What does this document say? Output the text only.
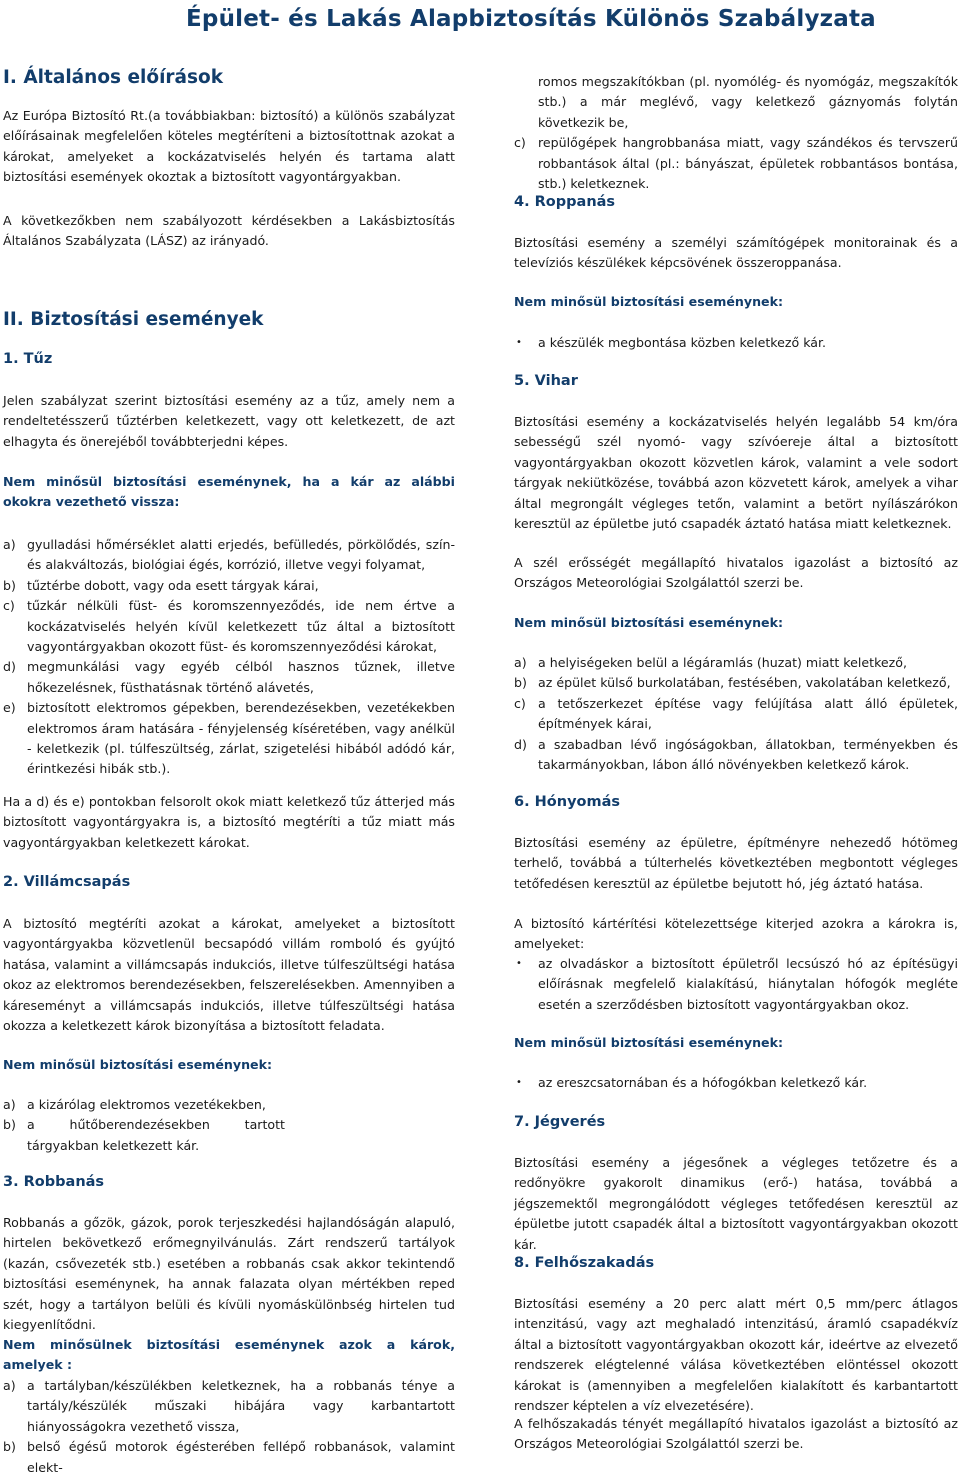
Épület- és Lakás Alapbiztosítás Különös Szabályzata
I. Általános előírások

Az Európa Biztosító Rt.(a továbbiakban: biztosító) a különös szabályzat előírásainak megfelelően köteles megtéríteni a biztosítottnak azokat a károkat, amelyeket a kockázatviselés helyén és tartama alatt biztosítási események okoztak a biztosított vagyontárgyakban.

A következőkben nem szabályozott kérdésekben a Lakásbiztosítás Általános Szabályzata (LÁSZ) az irányadó.

II. Biztosítási események
1. Tűz

Jelen szabályzat szerint biztosítási esemény az a tűz, amely nem a rendeltetésszerű tűztérben keletkezett, vagy ott keletkezett, de azt elhagyta és önerejéből továbbterjedni képes.

Nem minősül biztosítási eseménynek, ha a kár az alábbi okokra vezethető vissza:

a) gyulladási hőmérséklet alatti erjedés, befülledés, pörkölődés, szín- és alakváltozás, biológiai égés, korrózió, illetve vegyi folyamat,
b) tűztérbe dobott, vagy oda esett tárgyak kárai,
c) tűzkár nélküli füst- és koromszennyeződés, ide nem értve a kockázatviselés helyén kívül keletkezett tűz által a biztosított vagyontárgyakban okozott füst- és koromszennyeződési károkat,
d) megmunkálási vagy egyéb célból hasznos tűznek, illetve hőkezelésnek, füsthatásnak történő alávetés,
e) biztosított elektromos gépekben, berendezésekben, vezetékekben elektromos áram hatására - fényjelenség kíséretében, vagy anélkül - keletkezik (pl. túlfeszültség, zárlat, szigetelési hibából adódó kár, érintkezési hibák stb.).

Ha a d) és e) pontokban felsorolt okok miatt keletkező tűz átterjed más biztosított vagyontárgyakra is, a biztosító megtéríti a tűz miatt más vagyontárgyakban keletkezett károkat.

2. Villámcsapás

A biztosító megtéríti azokat a károkat, amelyeket a biztosított vagyontárgyakba közvetlenül becsapódó villám romboló és gyújtó hatása, valamint a villámcsapás indukciós, illetve túlfeszültségi hatása okoz az elektromos berendezésekben, felszerelésekben. Amennyiben a káreseményt a villámcsapás indukciós, illetve túlfeszültségi hatása okozza a keletkezett károk bizonyítása a biztosított feladata.

Nem minősül biztosítási eseménynek:

a) a kizárólag elektromos vezetékekben,
b) a hűtőberendezésekben tartott tárgyakban keletkezett kár.
3. Robbanás

Robbanás a gőzök, gázok, porok terjeszkedési hajlandóságán alapuló, hirtelen bekövetkező erőmegnyilvánulás. Zárt rendszerű tartályok (kazán, csővezeték stb.) esetében a robbanás csak akkor tekintendő biztosítási eseménynek, ha annak falazata olyan mértékben reped szét, hogy a tartályon belüli és kívüli nyomáskülönbség hirtelen tud kiegyenlítődni.

Nem minősülnek biztosítási eseménynek azok a károk, amelyek :

a) a tartályban/készülékben keletkeznek, ha a robbanás tényе a tartály/készülék műszaki hibájára vagy karbantartott hiányosságokra vezethető vissza,
b) belső égésű motorok égésterében fellépő robbanások, valamint elekt-
romos megszakítókban (pl. nyomólég- és nyomógáz, megszakítók stb.) a már meglévő, vagy keletkező gáznyomás folytán következik be,
c) repülőgépek hangrobbanása miatt, vagy szándékos és tervszerű robbantások által (pl.: bányászat, épületek robbantásos bontása, stb.) keletkeznek.
4. Roppanás

Biztosítási esemény a személyi számítógépek monitorainak és a televíziós készülékek képcsövének összeroppanása.

Nem minősül biztosítási eseménynek:

• a készülék megbontása közben keletkező kár.
5. Vihar

Biztosítási esemény a kockázatviselés helyén legalább 54 km/óra sebességű szél nyomó- vagy szívóereje által a biztosított vagyontárgyakban okozott közvetlen károk, valamint a vele sodort tárgyak nekiütközése, továbbá azon közvetett károk, amelyek a vihar által megrongált végleges tetőn, valamint a betört nyílászárókon keresztül az épületbe jutó csapadék áztató hatása miatt keletkeznek.

A szél erősségét megállapító hivatalos igazolást a biztosító az Országos Meteorológiai Szolgálattól szerzi be.

Nem minősül biztosítási eseménynek:

a) a helyiségeken belül a légáramlás (huzat) miatt keletkező,
b) az épület külső burkolatában, festésében, vakolatában keletkező,
c) a tetőszerkezet építése vagy felújítása alatt álló épületek, építmények kárai,
d) a szabadban lévő ingóságokban, állatokban, terményekben és takarmányokban, lábon álló növényekben keletkező károk.
6. Hónyomás

Biztosítási esemény az épületre, építményre nehezedő hótömeg terhelő, továbbá a túlterhelés következtében megbontott végleges tetőfedésen keresztül az épületbe bejutott hó, jég áztató hatása.

A biztosító kártérítési kötelezettsége kiterjed azokra a károkra is, amelyeket:

• az olvadáskor a biztosított épületről lecsúszó hó az építésügyi előírásnak megfelelő kialakítású, hiánytalan hófogók megléte esetén a szerződésben biztosított vagyontárgyakban okoz.

Nem minősül biztosítási eseménynek:

• az ereszcsatornában és a hófogókban keletkező kár.
7. Jégverés

Biztosítási esemény a jégesőnek a végleges tetőzetre és a redőnyökre gyakorolt dinamikus (erő-) hatása, továbbá a jégszemektől megrongálódott végleges tetőfedésen keresztül az épületbe jutott csapadék által a biztosított vagyontárgyakban okozott kár.

8. Felhőszakadás

Biztosítási esemény a 20 perc alatt mért 0,5 mm/perc átlagos intenzitású, vagy azt meghaladó intenzitású, áramló csapadékvíz által a biztosított vagyontárgyakban okozott kár, ideértve az elvezető rendszerek elégtelenné válása következtében elöntéssel okozott károkat is (amennyiben a megfelelően kialakított és karbantartott rendszer képtelen a víz elvezetésére).

A felhőszakadás tényét megállapító hivatalos igazolást a biztosító az Országos Meteorológiai Szolgálattól szerzi be.
